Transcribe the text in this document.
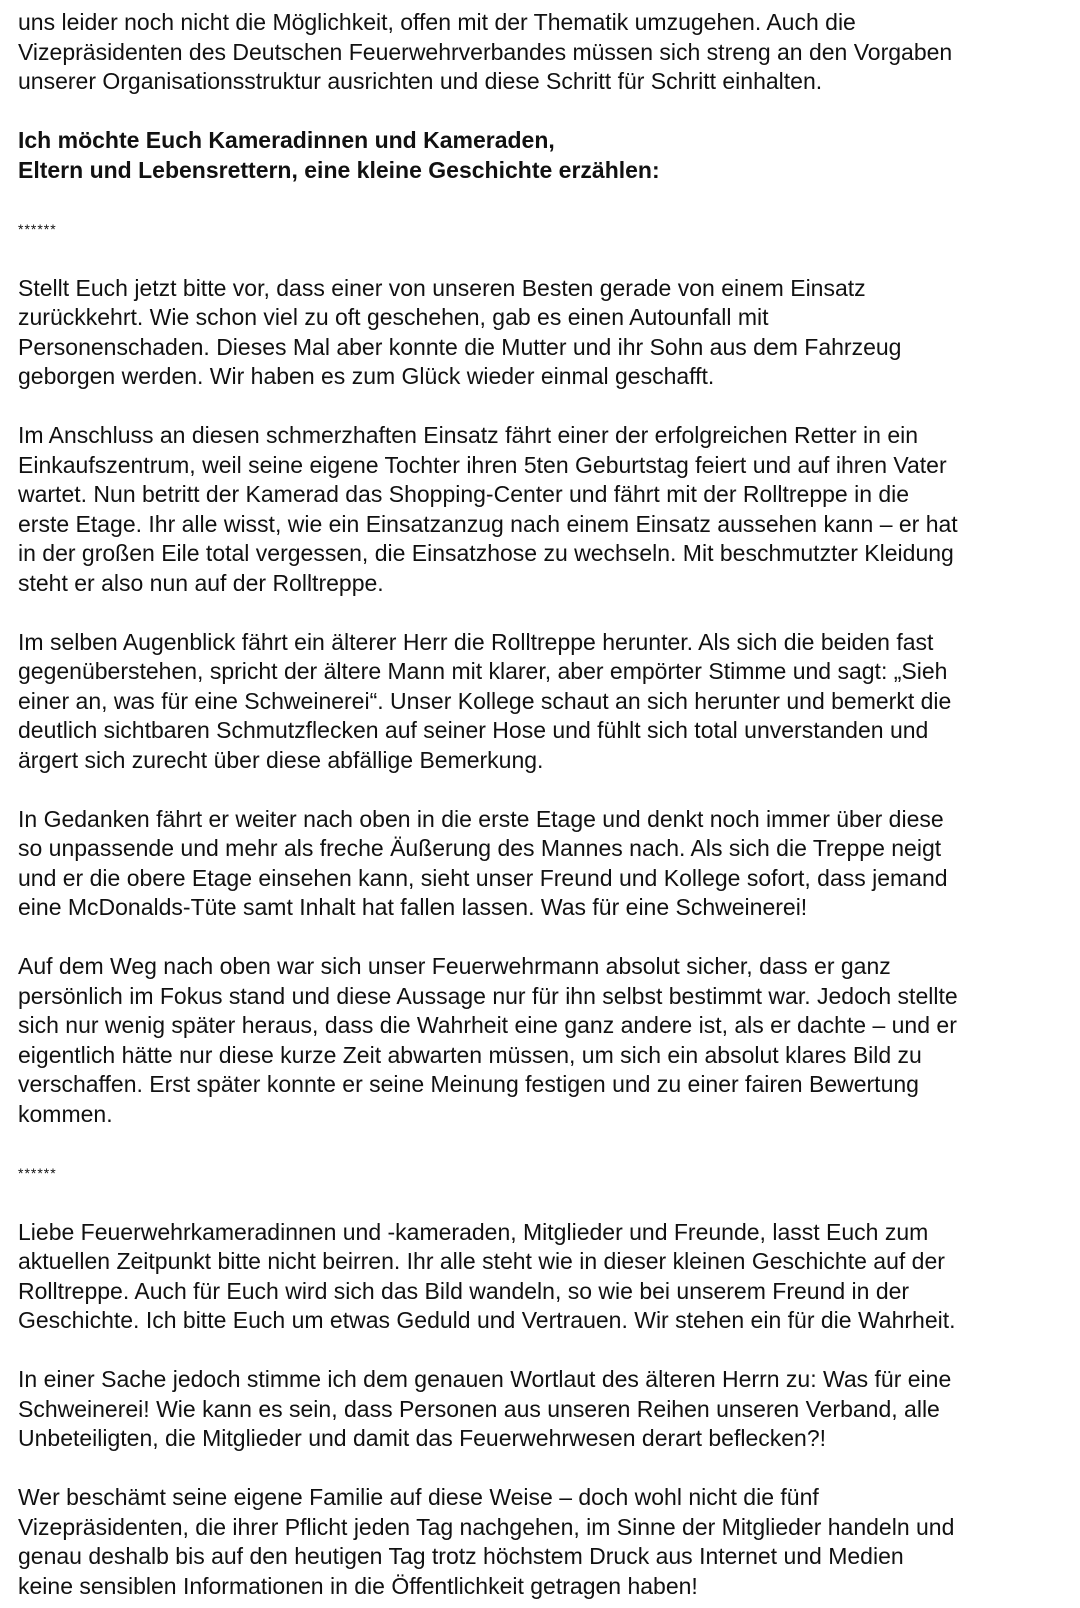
uns leider noch nicht die Möglichkeit, offen mit der Thematik umzugehen. Auch die
Vizepräsidenten des Deutschen Feuerwehrverbandes müssen sich streng an den Vorgaben
unserer Organisationsstruktur ausrichten und diese Schritt für Schritt einhalten.

Ich möchte Euch Kameradinnen und Kameraden,
Eltern und Lebensrettern, eine kleine Geschichte erzählen:

******

Stellt Euch jetzt bitte vor, dass einer von unseren Besten gerade von einem Einsatz
zurückkehrt. Wie schon viel zu oft geschehen, gab es einen Autounfall mit
Personenschaden. Dieses Mal aber konnte die Mutter und ihr Sohn aus dem Fahrzeug
geborgen werden. Wir haben es zum Glück wieder einmal geschafft.

Im Anschluss an diesen schmerzhaften Einsatz fährt einer der erfolgreichen Retter in ein
Einkaufszentrum, weil seine eigene Tochter ihren 5ten Geburtstag feiert und auf ihren Vater
wartet. Nun betritt der Kamerad das Shopping-Center und fährt mit der Rolltreppe in die
erste Etage. Ihr alle wisst, wie ein Einsatzanzug nach einem Einsatz aussehen kann – er hat
in der großen Eile total vergessen, die Einsatzhose zu wechseln. Mit beschmutzter Kleidung
steht er also nun auf der Rolltreppe.

Im selben Augenblick fährt ein älterer Herr die Rolltreppe herunter. Als sich die beiden fast
gegenüberstehen, spricht der ältere Mann mit klarer, aber empörter Stimme und sagt: „Sieh
einer an, was für eine Schweinerei“. Unser Kollege schaut an sich herunter und bemerkt die
deutlich sichtbaren Schmutzflecken auf seiner Hose und fühlt sich total unverstanden und
ärgert sich zurecht über diese abfällige Bemerkung.

In Gedanken fährt er weiter nach oben in die erste Etage und denkt noch immer über diese
so unpassende und mehr als freche Äußerung des Mannes nach. Als sich die Treppe neigt
und er die obere Etage einsehen kann, sieht unser Freund und Kollege sofort, dass jemand
eine McDonalds-Tüte samt Inhalt hat fallen lassen. Was für eine Schweinerei!

Auf dem Weg nach oben war sich unser Feuerwehrmann absolut sicher, dass er ganz
persönlich im Fokus stand und diese Aussage nur für ihn selbst bestimmt war. Jedoch stellte
sich nur wenig später heraus, dass die Wahrheit eine ganz andere ist, als er dachte – und er
eigentlich hätte nur diese kurze Zeit abwarten müssen, um sich ein absolut klares Bild zu
verschaffen. Erst später konnte er seine Meinung festigen und zu einer fairen Bewertung
kommen.

******

Liebe Feuerwehrkameradinnen und -kameraden, Mitglieder und Freunde, lasst Euch zum
aktuellen Zeitpunkt bitte nicht beirren. Ihr alle steht wie in dieser kleinen Geschichte auf der
Rolltreppe. Auch für Euch wird sich das Bild wandeln, so wie bei unserem Freund in der
Geschichte. Ich bitte Euch um etwas Geduld und Vertrauen. Wir stehen ein für die Wahrheit.

In einer Sache jedoch stimme ich dem genauen Wortlaut des älteren Herrn zu: Was für eine
Schweinerei! Wie kann es sein, dass Personen aus unseren Reihen unseren Verband, alle
Unbeteiligten, die Mitglieder und damit das Feuerwehrwesen derart beflecken?!

Wer beschämt seine eigene Familie auf diese Weise – doch wohl nicht die fünf
Vizepräsidenten, die ihrer Pflicht jeden Tag nachgehen, im Sinne der Mitglieder handeln und
genau deshalb bis auf den heutigen Tag trotz höchstem Druck aus Internet und Medien
keine sensiblen Informationen in die Öffentlichkeit getragen haben!
